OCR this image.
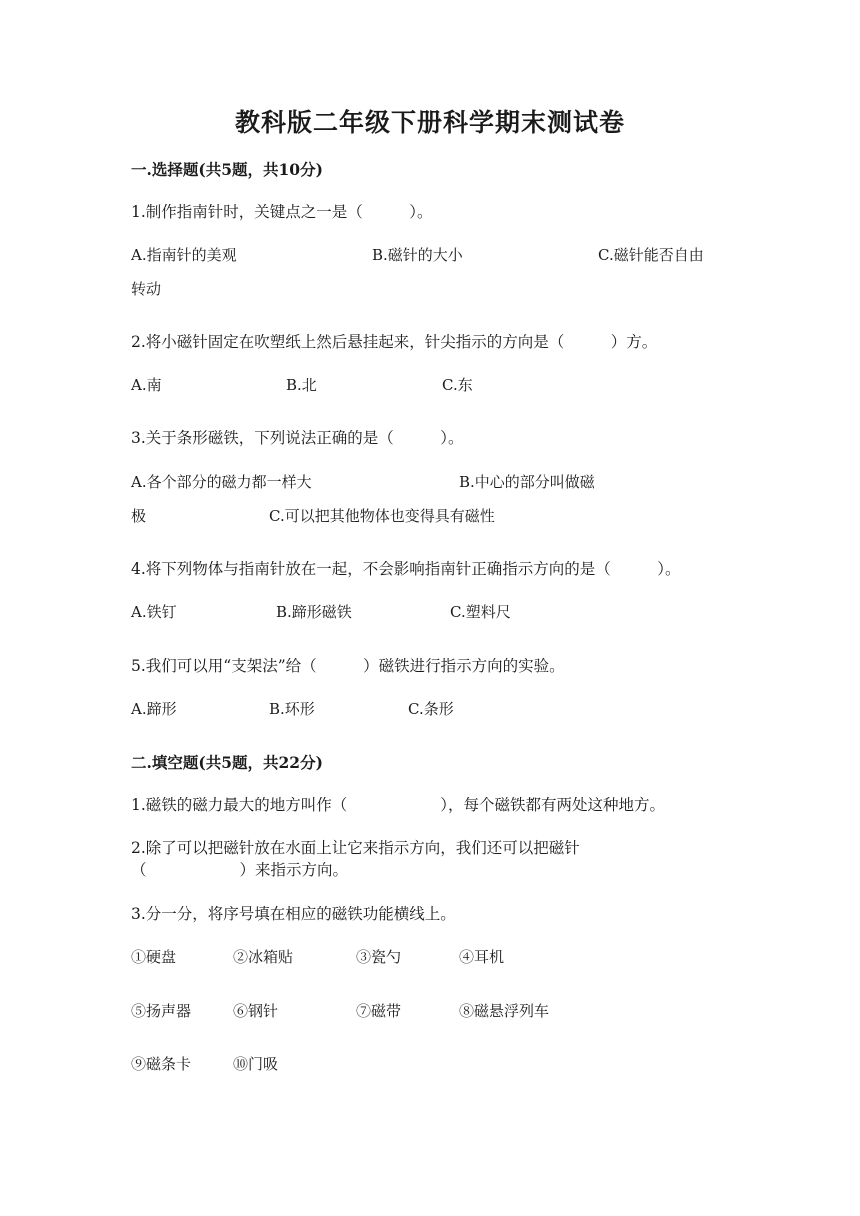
教科版二年级下册科学期末测试卷
一.选择题(共5题，共10分)
1.制作指南针时，关键点之一是（　　　）。
A.指南针的美观	B.磁针的大小	C.磁针能否自由
转动
2.将小磁针固定在吹塑纸上然后悬挂起来，针尖指示的方向是（　　　）方。
A.南	B.北	C.东
3.关于条形磁铁，下列说法正确的是（　　　）。
A.各个部分的磁力都一样大	B.中心的部分叫做磁
极	C.可以把其他物体也变得具有磁性
4.将下列物体与指南针放在一起，不会影响指南针正确指示方向的是（　　　）。
A.铁钉	B.蹄形磁铁	C.塑料尺
5.我们可以用“支架法”给（　　　）磁铁进行指示方向的实验。
A.蹄形	B.环形	C.条形
二.填空题(共5题，共22分)
1.磁铁的磁力最大的地方叫作（　　　　　　），每个磁铁都有两处这种地方。
2.除了可以把磁针放在水面上让它来指示方向，我们还可以把磁针
（　　　　　　）来指示方向。
3.分一分，将序号填在相应的磁铁功能横线上。
①硬盘	②冰箱贴	③瓷勺	④耳机
⑤扬声器	⑥钢针	⑦磁带	⑧磁悬浮列车
⑨磁条卡	⑩门吸
